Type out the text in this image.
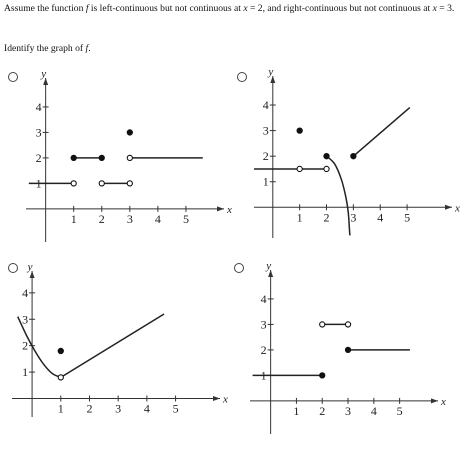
Assume the function f is left-continuous but not continuous at x = 2, and right-continuous but not continuous at x = 3.
Identify the graph of f.
x
y
1 2 3 4 5
1
2
3
4
x
y
1 2 3 4 5
1
2
3
4
x
y
1 2 3 4 5
1
2
3
4
x
y
1 2 3 4 5
1
2
3
4
